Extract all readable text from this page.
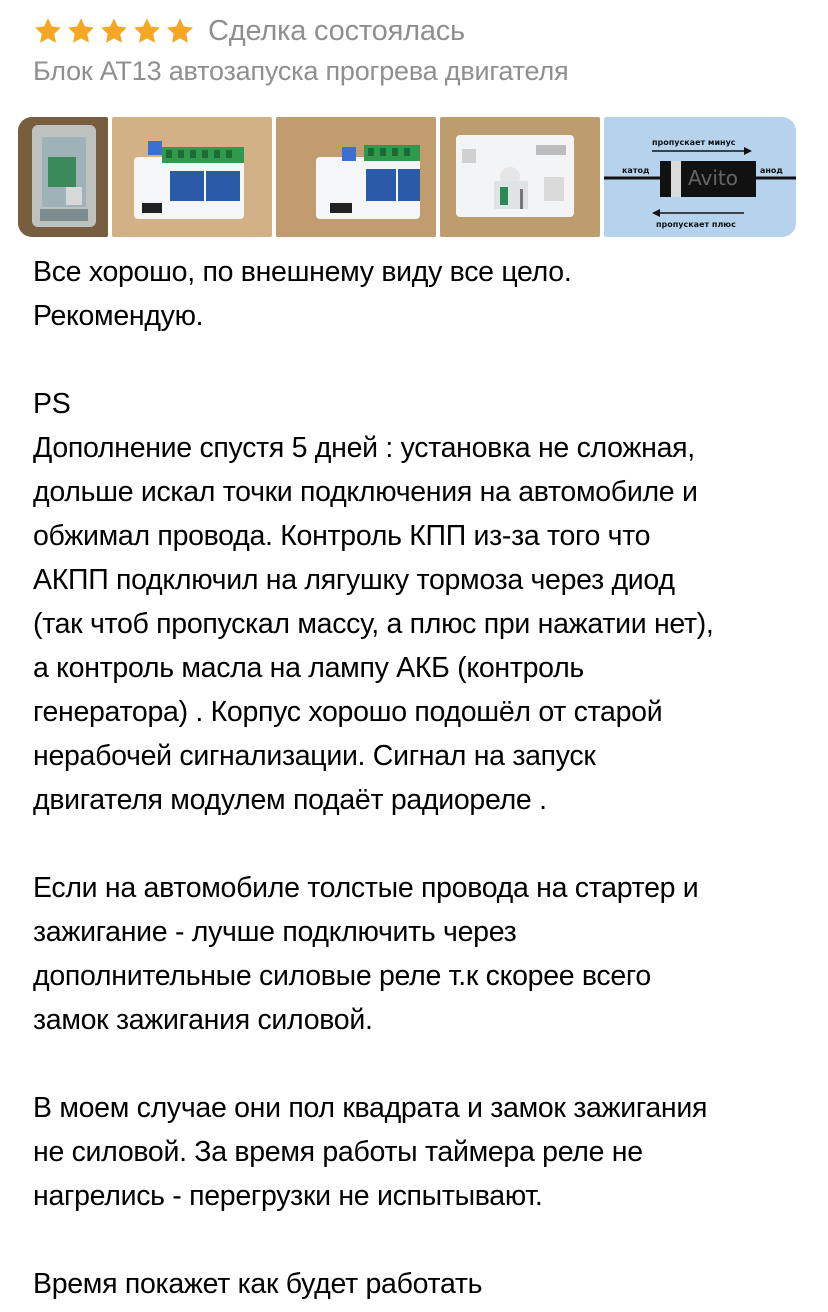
Сделка состоялась
Блок АТ13 автозапуска прогрева двигателя
пропускает минус
катод	анод
пропускает плюс
Avito

Все хорошо, по внешнему виду все цело.

Рекомендую.

PS

Дополнение спустя 5 дней : установка не сложная,

дольше искал точки подключения на автомобиле и

обжимал провода. Контроль КПП из-за того что

АКПП подключил на лягушку тормоза через диод

(так чтоб пропускал массу, а плюс при нажатии нет),

а контроль масла на лампу АКБ (контроль

генератора) . Корпус хорошо подошёл от старой

нерабочей сигнализации. Сигнал на запуск

двигателя модулем подаёт радиореле .

Если на автомобиле толстые провода на стартер и

зажигание - лучше подключить через

дополнительные силовые реле т.к скорее всего

замок зажигания силовой.

В моем случае они пол квадрата и замок зажигания

не силовой. За время работы таймера реле не

нагрелись - перегрузки не испытывают.

Время покажет как будет работать
